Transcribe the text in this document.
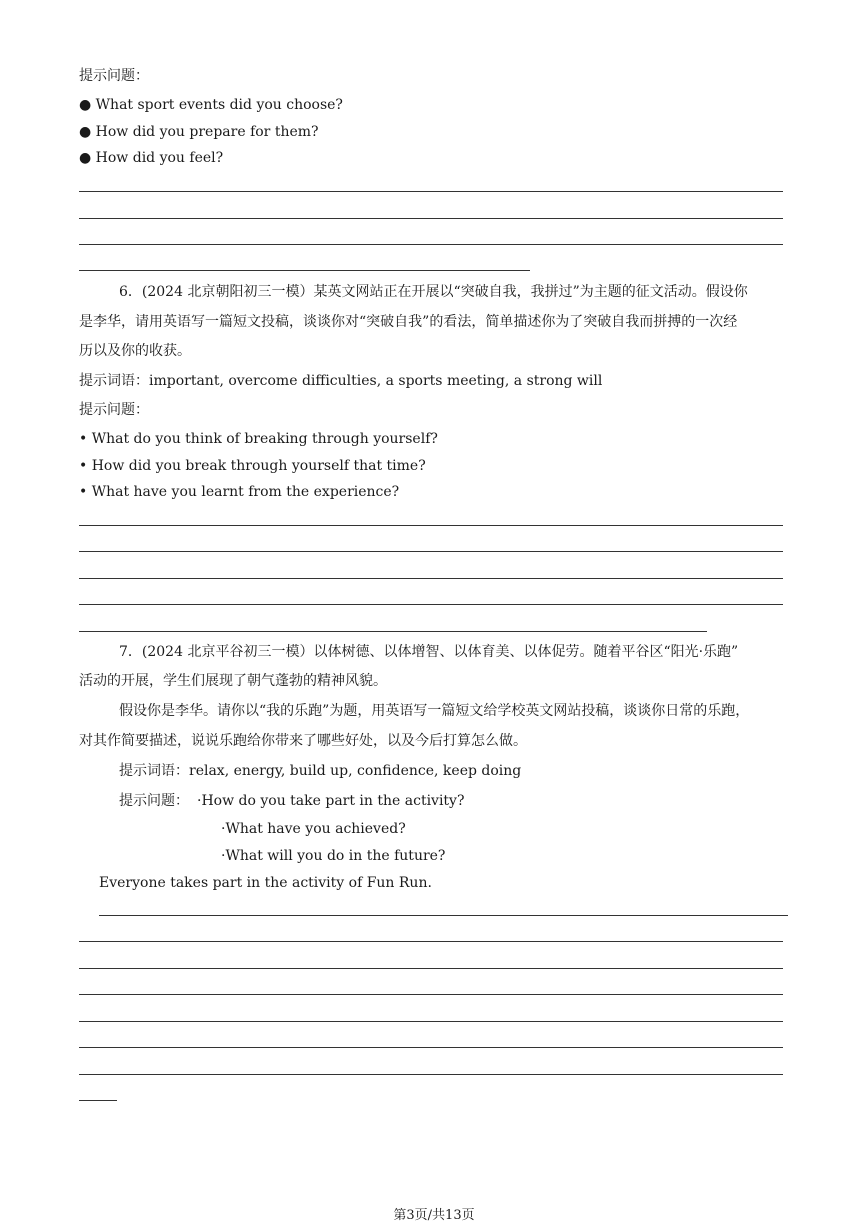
提示问题：
● What sport events did you choose?
● How did you prepare for them?
● How did you feel?
6．(2024 北京朝阳初三一模）某英文网站正在开展以“突破自我，我拼过”为主题的征文活动。假设你
是李华，请用英语写一篇短文投稿，谈谈你对“突破自我”的看法，简单描述你为了突破自我而拼搏的一次经
历以及你的收获。
提示词语：important, overcome difficulties, a sports meeting, a strong will
提示问题：
• What do you think of breaking through yourself?
• How did you break through yourself that time?
• What have you learnt from the experience?
7．(2024 北京平谷初三一模）以体树德、以体增智、以体育美、以体促劳。随着平谷区“阳光·乐跑”
活动的开展，学生们展现了朝气蓬勃的精神风貌。
假设你是李华。请你以“我的乐跑”为题，用英语写一篇短文给学校英文网站投稿，谈谈你日常的乐跑，
对其作简要描述，说说乐跑给你带来了哪些好处，以及今后打算怎么做。
提示词语：relax, energy, build up, confidence, keep doing
提示问题： ·How do you take part in the activity?
·What have you achieved?
·What will you do in the future?
Everyone takes part in the activity of Fun Run.
第3页/共13页
